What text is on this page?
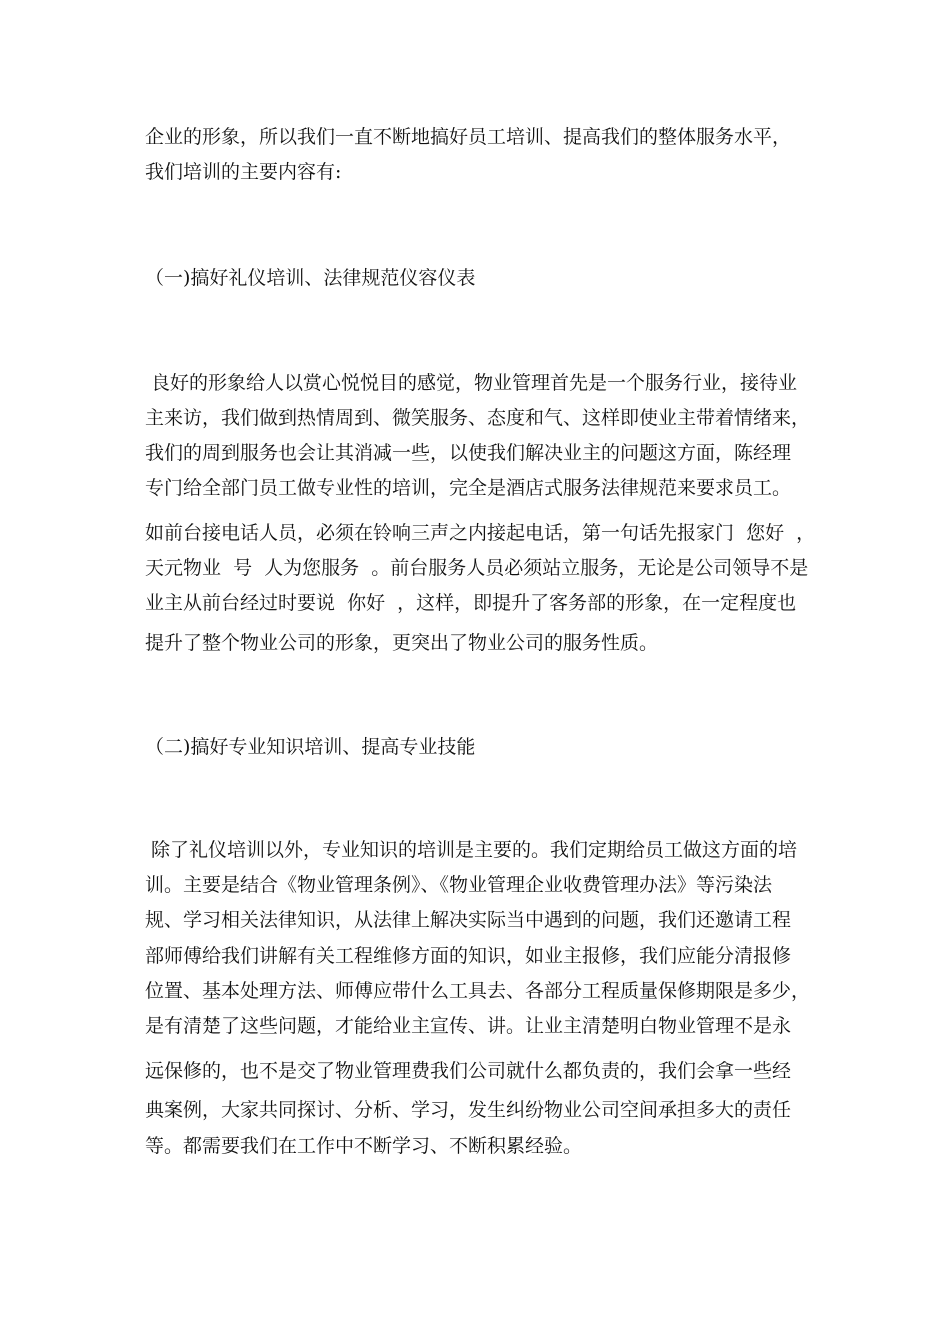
企业的形象，所以我们一直不断地搞好员工培训、提高我们的整体服务水平，
我们培训的主要内容有:
（一)搞好礼仪培训、法律规范仪容仪表
良好的形象给人以赏心悦悦目的感觉，物业管理首先是一个服务行业，接待业
主来访，我们做到热情周到、微笑服务、态度和气、这样即使业主带着情绪来，
我们的周到服务也会让其消减一些，以使我们解决业主的问题这方面，陈经理
专门给全部门员工做专业性的培训，完全是酒店式服务法律规范来要求员工。
如前台接电话人员，必须在铃响三声之内接起电话，第一句话先报家门  您好  ，
天元物业  号  人为您服务  。前台服务人员必须站立服务，无论是公司领导不是
业主从前台经过时要说  你好  ，这样，即提升了客务部的形象，在一定程度也
提升了整个物业公司的形象，更突出了物业公司的服务性质。
（二)搞好专业知识培训、提高专业技能
除了礼仪培训以外，专业知识的培训是主要的。我们定期给员工做这方面的培
训。主要是结合《物业管理条例》、《物业管理企业收费管理办法》等污染法
规、学习相关法律知识，从法律上解决实际当中遇到的问题，我们还邀请工程
部师傅给我们讲解有关工程维修方面的知识，如业主报修，我们应能分清报修
位置、基本处理方法、师傅应带什么工具去、各部分工程质量保修期限是多少，
是有清楚了这些问题，才能给业主宣传、讲。让业主清楚明白物业管理不是永
远保修的，也不是交了物业管理费我们公司就什么都负责的，我们会拿一些经
典案例，大家共同探讨、分析、学习，发生纠纷物业公司空间承担多大的责任
等。都需要我们在工作中不断学习、不断积累经验。
